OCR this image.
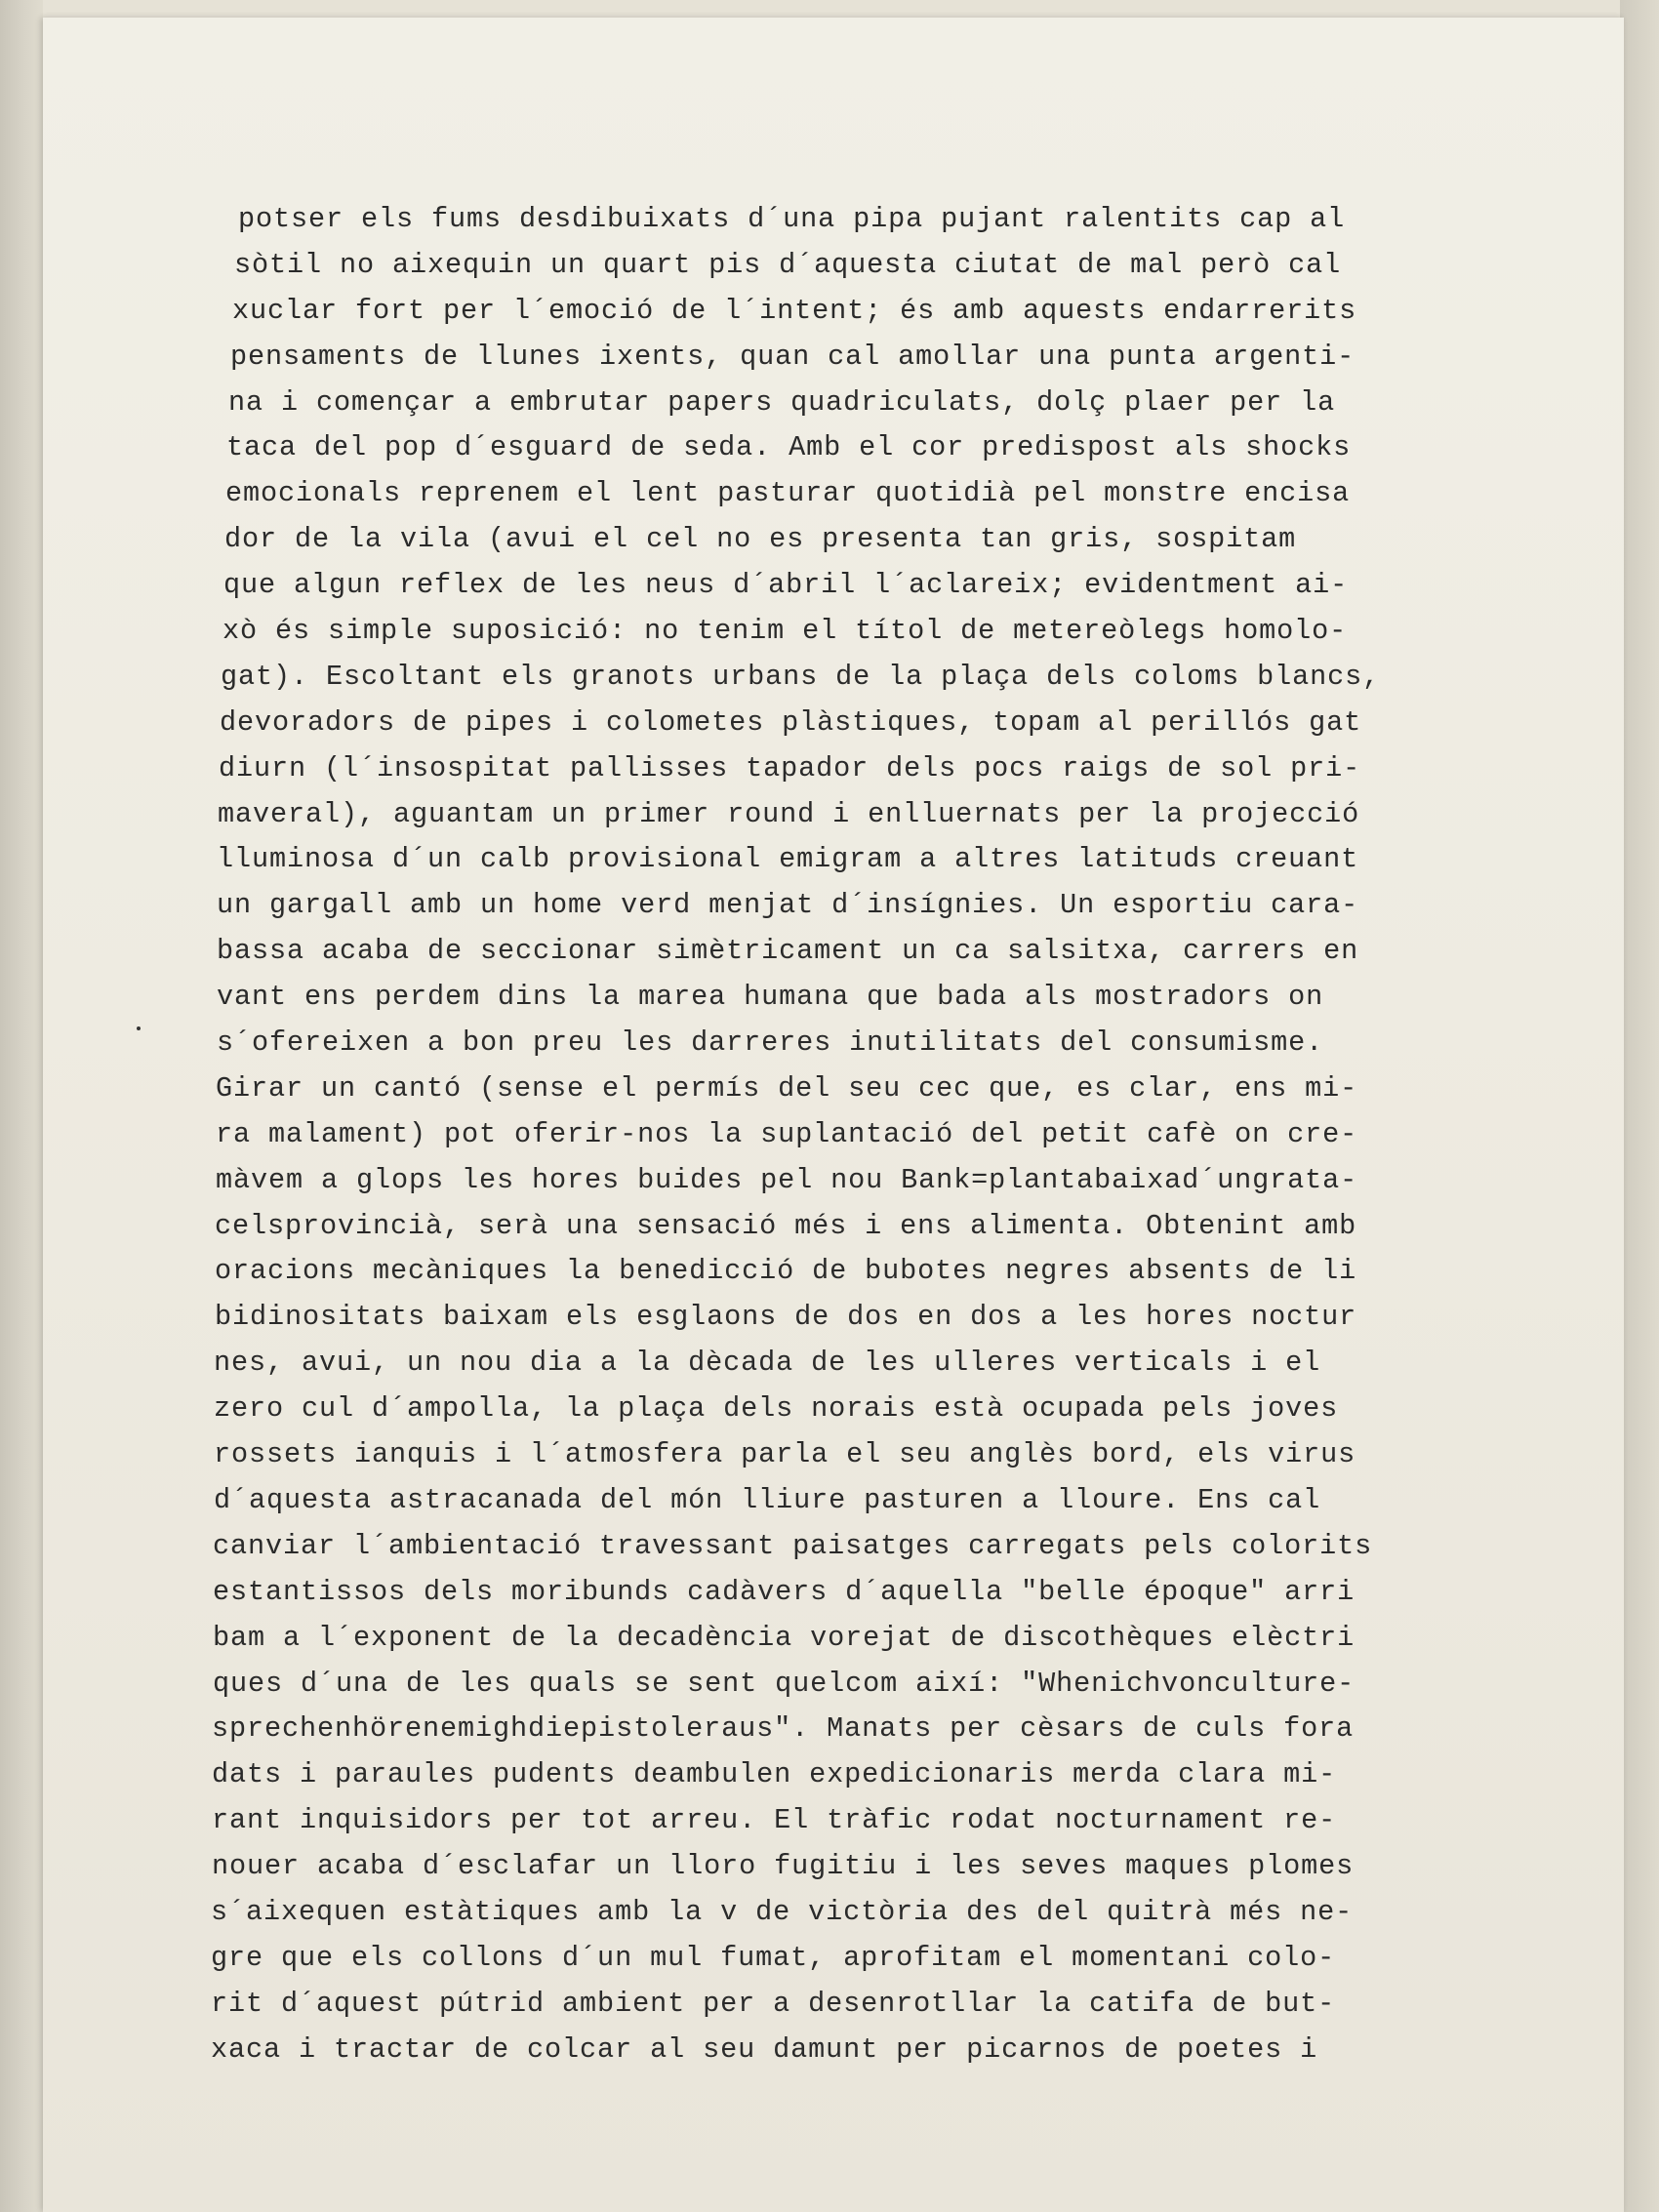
potser els fums desdibuixats d´una pipa pujant ralentits cap al
sòtil no aixequin un quart pis d´aquesta ciutat de mal però cal
xuclar fort per l´emoció de l´intent; és amb aquests endarrerits
pensaments de llunes ixents, quan cal amollar una punta argenti-
na i començar a embrutar papers quadriculats, dolç plaer per la
taca del pop d´esguard de seda. Amb el cor predispost als shocks
emocionals reprenem el lent pasturar quotidià pel monstre encisa
dor de la vila (avui el cel no es presenta tan gris, sospitam
que algun reflex de les neus d´abril l´aclareix; evidentment ai-
xò és simple suposició: no tenim el títol de metereòlegs homolo-
gat). Escoltant els granots urbans de la plaça dels coloms blancs,
devoradors de pipes i colometes plàstiques, topam al perillós gat
diurn (l´insospitat pallisses tapador dels pocs raigs de sol pri-
maveral), aguantam un primer round i enlluernats per la projecció
lluminosa d´un calb provisional emigram a altres latituds creuant
un gargall amb un home verd menjat d´insígnies. Un esportiu cara-
bassa acaba de seccionar simètricament un ca salsitxa, carrers en
vant ens perdem dins la marea humana que bada als mostradors on
s´ofereixen a bon preu les darreres inutilitats del consumisme.
Girar un cantó (sense el permís del seu cec que, es clar, ens mi-
ra malament) pot oferir-nos la suplantació del petit cafè on cre-
màvem a glops les hores buides pel nou Bank=plantabaixad´ungrata-
celsprovincià, serà una sensació més i ens alimenta. Obtenint amb
oracions mecàniques la benedicció de bubotes negres absents de li
bidinositats baixam els esglaons de dos en dos a les hores noctur
nes, avui, un nou dia a la dècada de les ulleres verticals i el
zero cul d´ampolla, la plaça dels norais està ocupada pels joves
rossets ianquis i l´atmosfera parla el seu anglès bord, els virus
d´aquesta astracanada del món lliure pasturen a lloure. Ens cal
canviar l´ambientació travessant paisatges carregats pels colorits
estantissos dels moribunds cadàvers d´aquella "belle époque" arri
bam a l´exponent de la decadència vorejat de discothèques elèctri
ques d´una de les quals se sent quelcom així: "Whenichvonculture-
sprechenhörenemighdiepistoleraus". Manats per cèsars de culs fora
dats i paraules pudents deambulen expedicionaris merda clara mi-
rant inquisidors per tot arreu. El tràfic rodat nocturnament re-
nouer acaba d´esclafar un lloro fugitiu i les seves maques plomes
s´aixequen estàtiques amb la v de victòria des del quitrà més ne-
gre que els collons d´un mul fumat, aprofitam el momentani colo-
rit d´aquest pútrid ambient per a desenrotllar la catifa de but-
xaca i tractar de colcar al seu damunt per picarnos de poetes i
